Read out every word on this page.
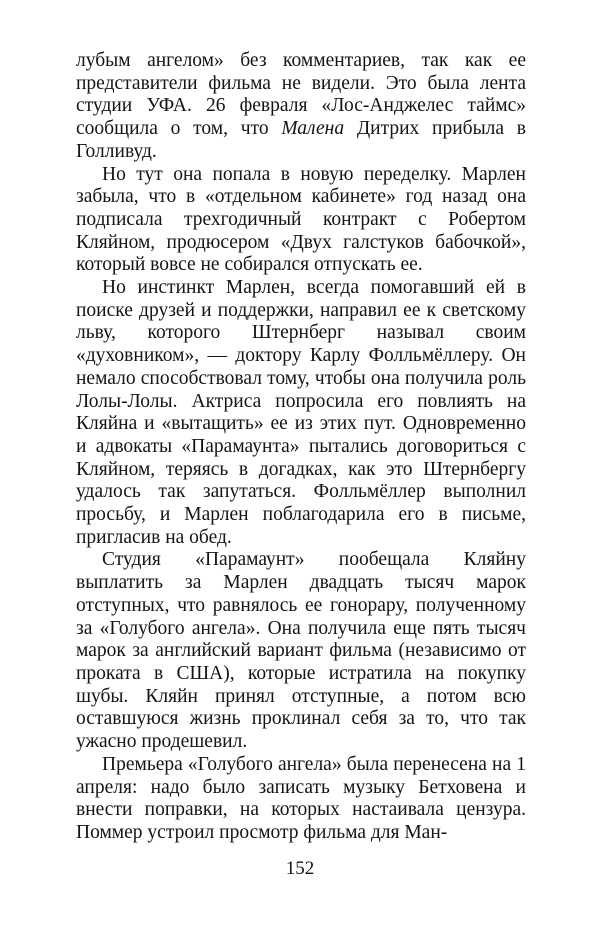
лубым ангелом» без комментариев, так как ее представители фильма не видели. Это была лента студии УФА. 26 февраля «Лос-Анджелес таймс» сообщила о том, что Малена Дитрих прибыла в Голливуд.

Но тут она попала в новую переделку. Марлен забыла, что в «отдельном кабинете» год назад она подписала трехгодичный контракт с Робертом Кляйном, продюсером «Двух галстуков бабочкой», который вовсе не собирался отпускать ее.

Но инстинкт Марлен, всегда помогавший ей в поиске друзей и поддержки, направил ее к светскому льву, которого Штернберг называл своим «духовником», — доктору Карлу Фолльмёллеру. Он немало способствовал тому, чтобы она получила роль Лолы-Лолы. Актриса попросила его повлиять на Кляйна и «вытащить» ее из этих пут. Одновременно и адвокаты «Парамаунта» пытались договориться с Кляйном, теряясь в догадках, как это Штернбергу удалось так запутаться. Фолльмёллер выполнил просьбу, и Марлен поблагодарила его в письме, пригласив на обед.

Студия «Парамаунт» пообещала Кляйну выплатить за Марлен двадцать тысяч марок отступных, что равнялось ее гонорару, полученному за «Голубого ангела». Она получила еще пять тысяч марок за английский вариант фильма (независимо от проката в США), которые истратила на покупку шубы. Кляйн принял отступные, а потом всю оставшуюся жизнь проклинал себя за то, что так ужасно продешевил.

Премьера «Голубого ангела» была перенесена на 1 апреля: надо было записать музыку Бетховена и внести поправки, на которых настаивала цензура. Поммер устроил просмотр фильма для Ман-

152
